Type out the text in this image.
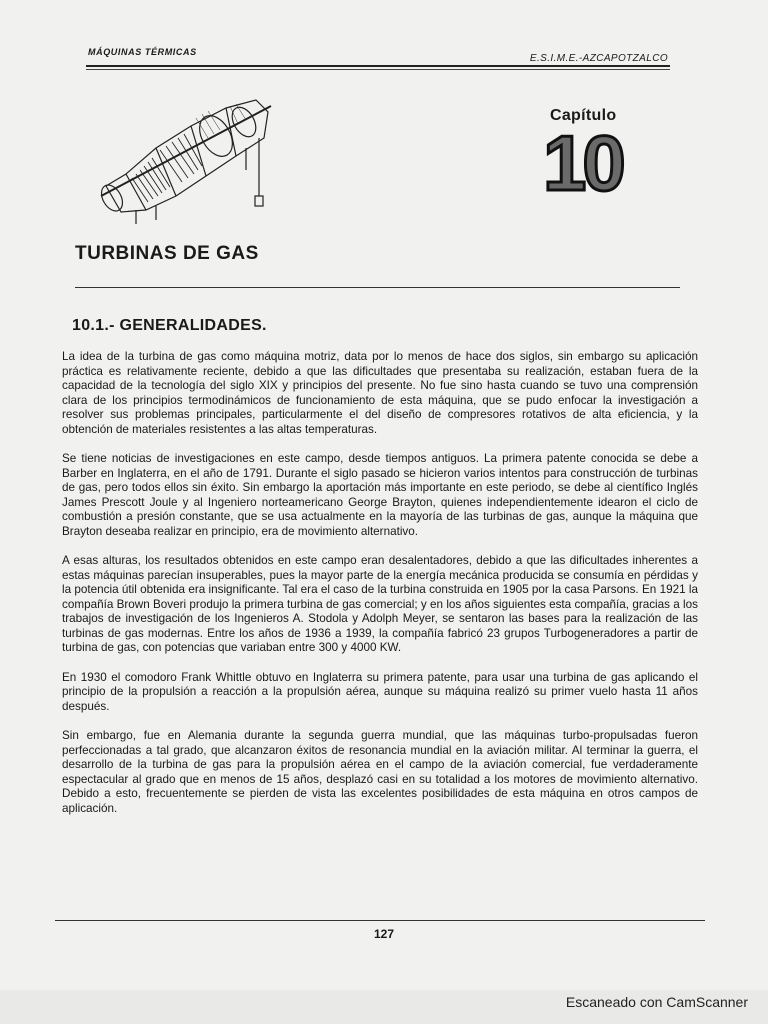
MÁQUINAS TÉRMICAS
E.S.I.M.E.-AZCAPOTZALCO
Capítulo
10
TURBINAS DE GAS
10.1.- GENERALIDADES.

La idea de la turbina de gas como máquina motriz, data por lo menos de hace dos siglos, sin embargo su aplicación práctica es relativamente reciente, debido a que las dificultades que presentaba su realización, estaban fuera de la capacidad de la tecnología del siglo XIX y principios del presente. No fue sino hasta cuando se tuvo una comprensión clara de los principios termodinámicos de funcionamiento de esta máquina, que se pudo enfocar la investigación a resolver sus problemas principales, particularmente el del diseño de compresores rotativos de alta eficiencia, y la obtención de materiales resistentes a las altas temperaturas.

Se tiene noticias de investigaciones en este campo, desde tiempos antiguos. La primera patente conocida se debe a Barber en Inglaterra, en el año de 1791. Durante el siglo pasado se hicieron varios intentos para construcción de turbinas de gas, pero todos ellos sin éxito. Sin embargo la aportación más importante en este periodo, se debe al científico Inglés James Prescott Joule y al Ingeniero norteamericano George Brayton, quienes independientemente idearon el ciclo de combustión a presión constante, que se usa actualmente en la mayoría de las turbinas de gas, aunque la máquina que Brayton deseaba realizar en principio, era de movimiento alternativo.

A esas alturas, los resultados obtenidos en este campo eran desalentadores, debido a que las dificultades inherentes a estas máquinas parecían insuperables, pues la mayor parte de la energía mecánica producida se consumía en pérdidas y la potencia útil obtenida era insignificante. Tal era el caso de la turbina construida en 1905 por la casa Parsons. En 1921 la compañía Brown Boveri produjo la primera turbina de gas comercial; y en los años siguientes esta compañía, gracias a los trabajos de investigación de los Ingenieros A. Stodola y Adolph Meyer, se sentaron las bases para la realización de las turbinas de gas modernas. Entre los años de 1936 a 1939, la compañía fabricó 23 grupos Turbogeneradores a partir de turbina de gas, con potencias que variaban entre 300 y 4000 KW.

En 1930 el comodoro Frank Whittle obtuvo en Inglaterra su primera patente, para usar una turbina de gas aplicando el principio de la propulsión a reacción a la propulsión aérea, aunque su máquina realizó su primer vuelo hasta 11 años después.

Sin embargo, fue en Alemania durante la segunda guerra mundial, que las máquinas turbo-propulsadas fueron perfeccionadas a tal grado, que alcanzaron éxitos de resonancia mundial en la aviación militar. Al terminar la guerra, el desarrollo de la turbina de gas para la propulsión aérea en el campo de la aviación comercial, fue verdaderamente espectacular al grado que en menos de 15 años, desplazó casi en su totalidad a los motores de movimiento alternativo. Debido a esto, frecuentemente se pierden de vista las excelentes posibilidades de esta máquina en otros campos de aplicación.

127
Escaneado con CamScanner
